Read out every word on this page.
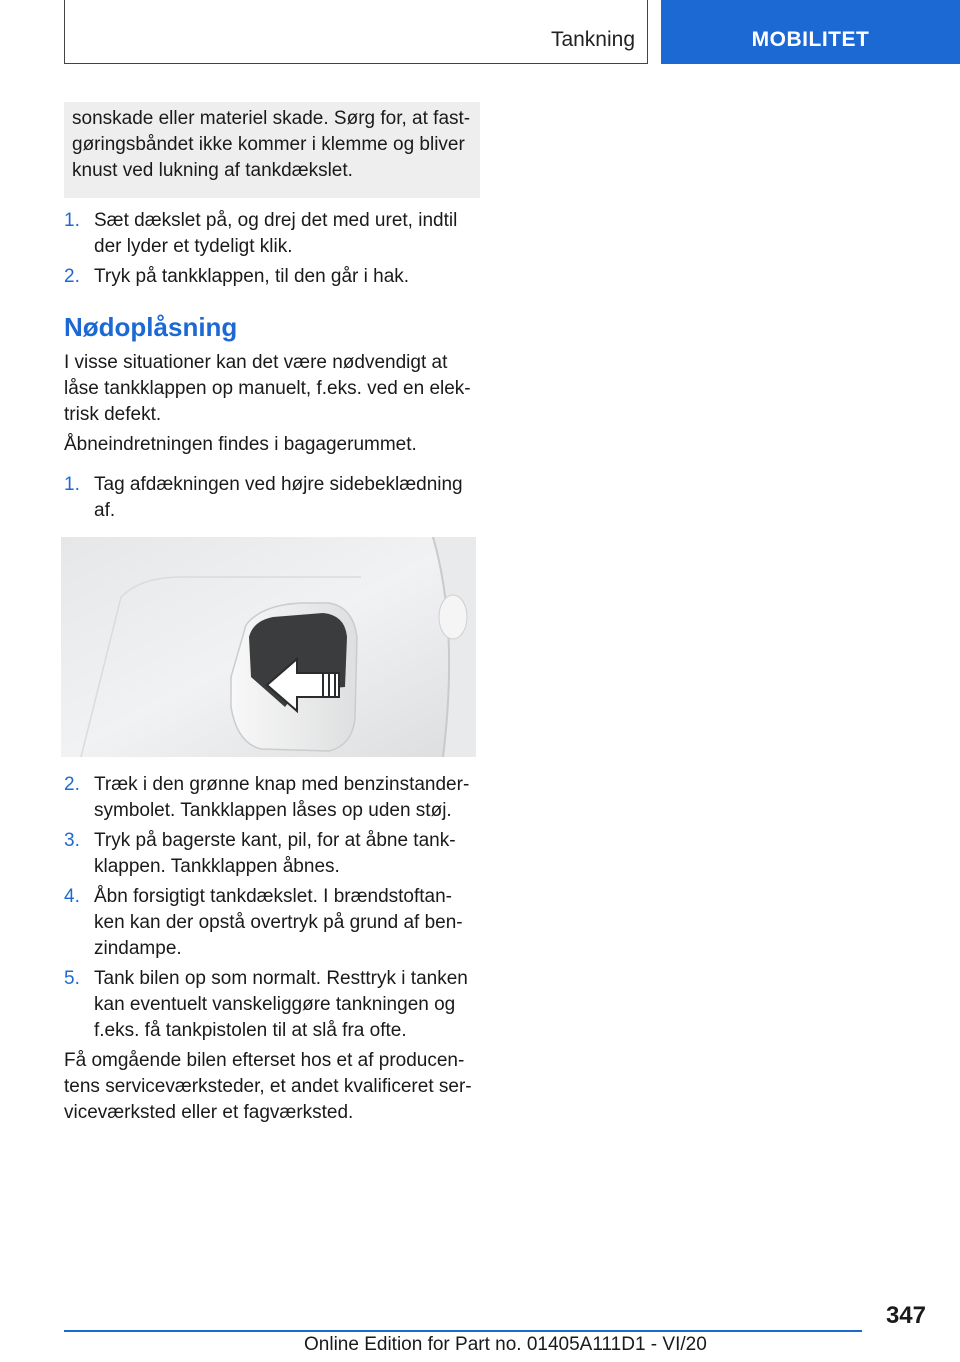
Tankning	MOBILITET
sonskade eller materiel skade. Sørg for, at fast-gøringsbåndet ikke kommer i klemme og bliver knust ved lukning af tankdækslet.
1. Sæt dækslet på, og drej det med uret, indtil der lyder et tydeligt klik.
2. Tryk på tankklappen, til den går i hak.
Nødoplåsning
I visse situationer kan det være nødvendigt at låse tankklappen op manuelt, f.eks. ved en elek-trisk defekt.
Åbneindretningen findes i bagagerummet.
1. Tag afdækningen ved højre sidebeklædning af.
2. Træk i den grønne knap med benzinstander-symbolet. Tankklappen låses op uden støj.
3. Tryk på bagerste kant, pil, for at åbne tank-klappen. Tankklappen åbnes.
4. Åbn forsigtigt tankdækslet. I brændstoftan-ken kan der opstå overtryk på grund af ben-zindampe.
5. Tank bilen op som normalt. Resttryk i tanken kan eventuelt vanskeliggøre tankningen og f.eks. få tankpistolen til at slå fra ofte.
Få omgående bilen efterset hos et af producen-tens serviceværksteder, et andet kvalificeret ser-viceværksted eller et fagværksted.
347
Online Edition for Part no. 01405A111D1 - VI/20
